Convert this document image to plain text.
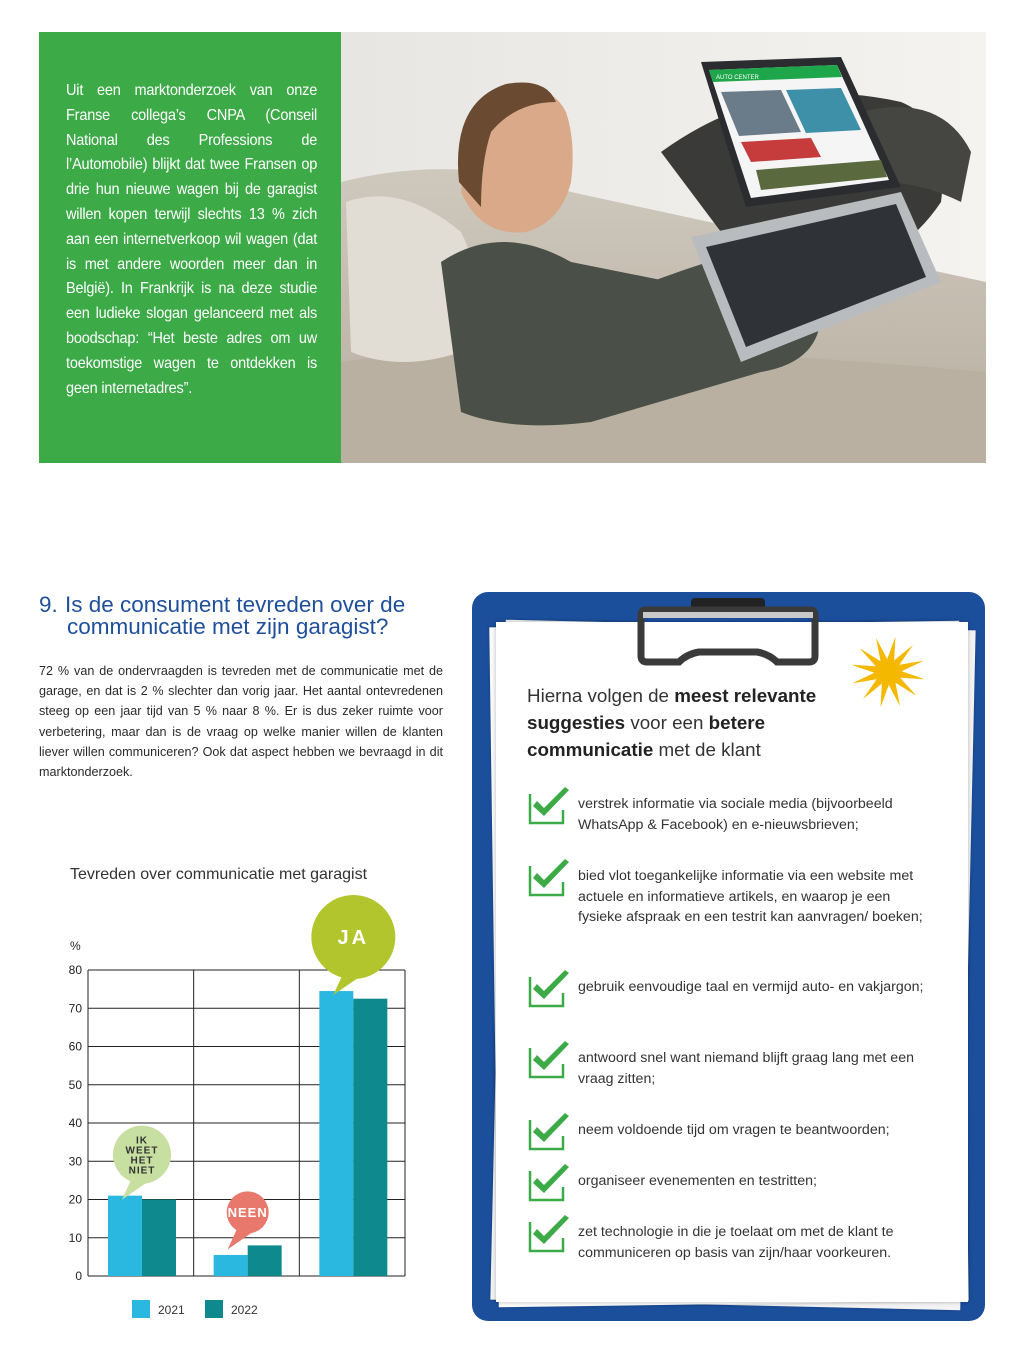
Uit een marktonderzoek van onze Franse collega’s CNPA (Conseil National des Professions de l’Automobile) blijkt dat twee Fransen op drie hun nieuwe wagen bij de garagist willen kopen terwijl slechts 13 % zich aan een internetverkoop wil wagen (dat is met andere woorden meer dan in België). In Frankrijk is na deze studie een ludieke slogan gelanceerd met als boodschap: “Het beste adres om uw toekomstige wagen te ontdekken is geen internetadres”.

AUTO CENTER
9. Is de consument tevreden over de
communicatie met zijn garagist?

72 % van de ondervraagden is tevreden met de communicatie met de garage, en dat is 2 % slechter dan vorig jaar. Het aantal ontevredenen steeg op een jaar tijd van 5 % naar 8 %. Er is dus zeker ruimte voor verbetering, maar dan is de vraag op welke manier willen de klanten liever willen communiceren? Ook dat aspect hebben we bevraagd in dit marktonderzoek.

Tevreden over communicatie met garagist

0
10
20
30
40
50
60
70
80
%
IK
WEET
HET
NIET
NEEN
JA
2021	2022

Hierna volgen de meest relevante suggesties voor een betere communicatie met de klant

verstrek informatie via sociale media (bijvoorbeeld WhatsApp & Facebook) en e-nieuwsbrieven;
bied vlot toegankelijke informatie via een website met actuele en informatieve artikels, en waarop je een fysieke afspraak en een testrit kan aanvragen/ boeken;
gebruik eenvoudige taal en vermijd auto- en vakjargon;
antwoord snel want niemand blijft graag lang met een vraag zitten;
neem voldoende tijd om vragen te beantwoorden;
organiseer evenementen en testritten;
zet technologie in die je toelaat om met de klant te communiceren op basis van zijn/haar voorkeuren.
